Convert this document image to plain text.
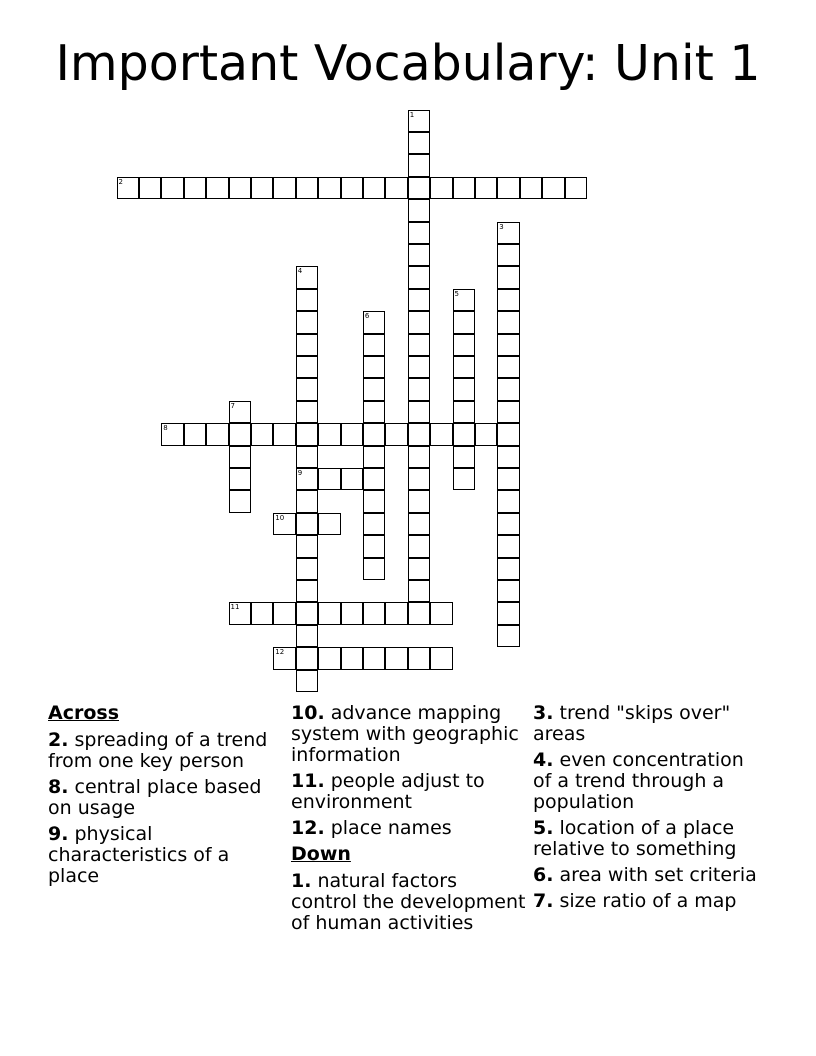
Important Vocabulary: Unit 1
1
2
3
4
9
5
6
7
8
10
11
12
Across
2. spreading of a trend from one key person
8. central place based on usage
9. physical characteristics of a place
10. advance mapping system with geographic information
11. people adjust to environment
12. place names
Down
1. natural factors control the development of human activities
3. trend "skips over" areas
4. even concentration of a trend through a population
5. location of a place relative to something
6. area with set criteria
7. size ratio of a map
